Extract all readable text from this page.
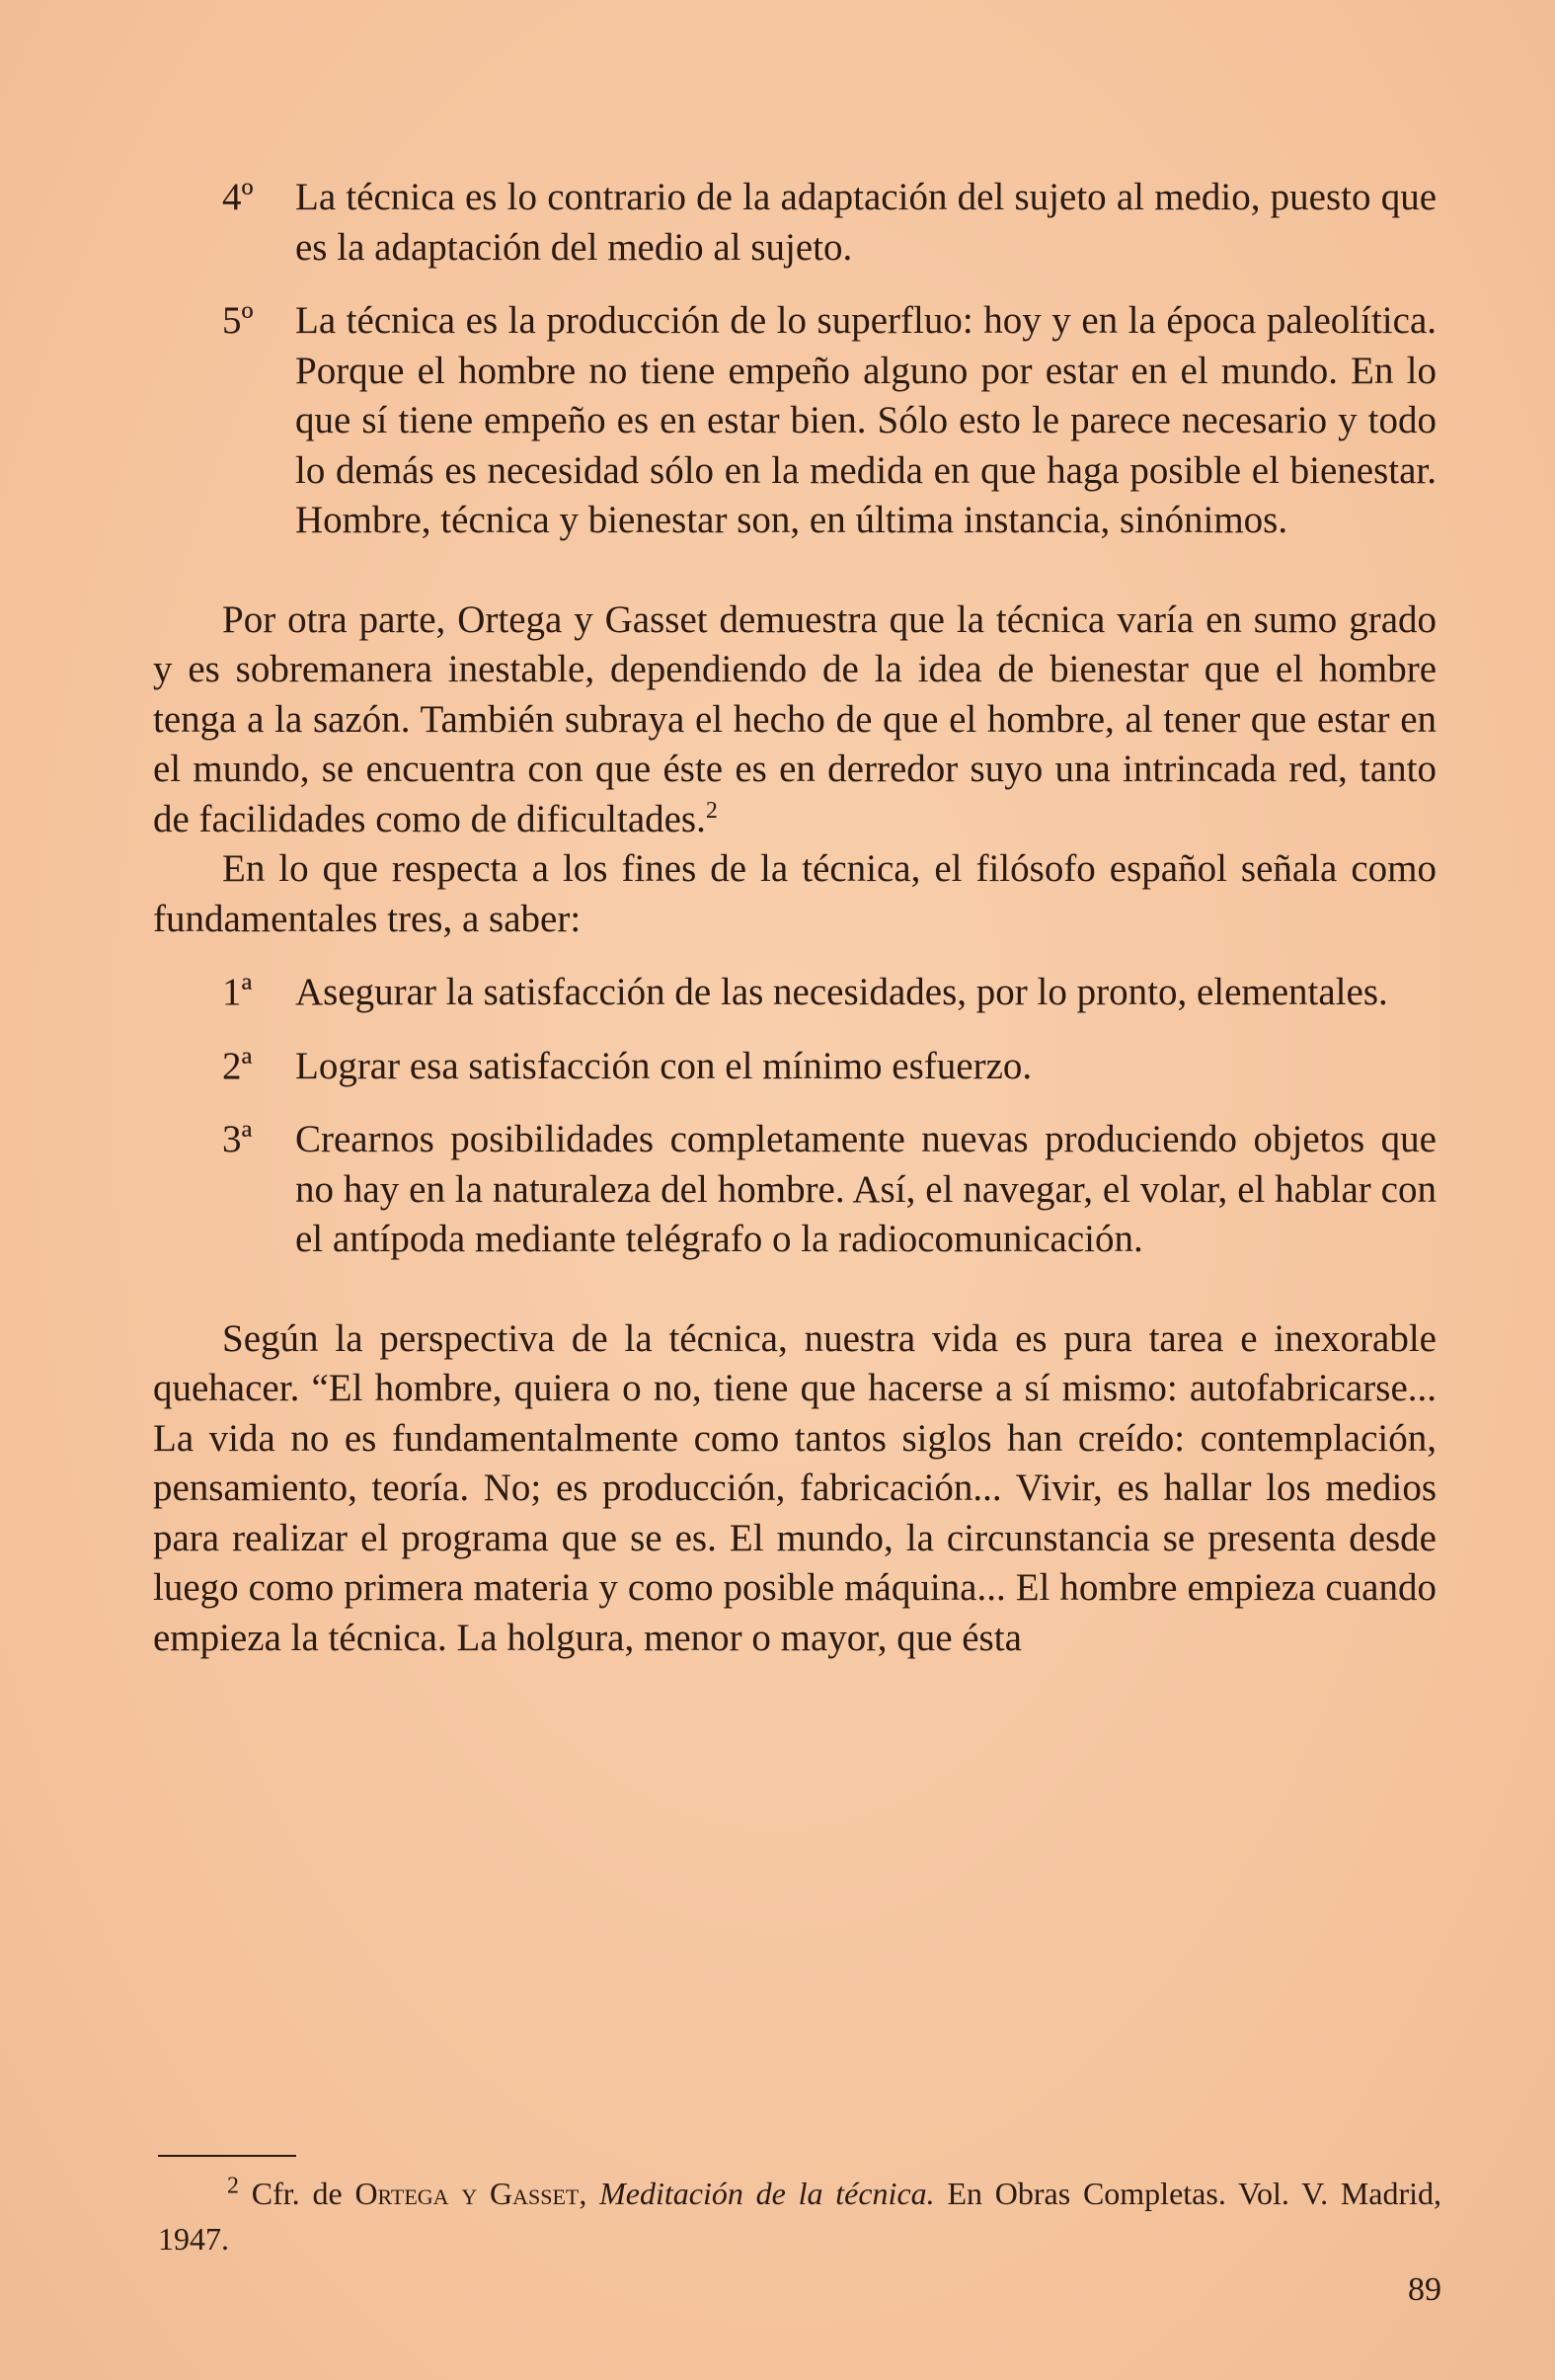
4º	La técnica es lo contrario de la adaptación del sujeto al medio, puesto que es la adaptación del medio al sujeto.
5º	La técnica es la producción de lo superfluo: hoy y en la época paleolítica. Porque el hombre no tiene empeño alguno por estar en el mundo. En lo que sí tiene empeño es en estar bien. Sólo esto le parece necesario y todo lo demás es necesidad sólo en la medida en que haga posible el bienestar. Hombre, técnica y bienestar son, en última instancia, sinónimos.

Por otra parte, Ortega y Gasset demuestra que la técnica varía en sumo grado y es sobremanera inestable, dependiendo de la idea de bienestar que el hombre tenga a la sazón. También subraya el hecho de que el hombre, al tener que estar en el mundo, se encuentra con que éste es en derredor suyo una intrincada red, tanto de facilidades como de dificultades.$^2$

En lo que respecta a los fines de la técnica, el filósofo español señala como fundamentales tres, a saber:

1ª	Asegurar la satisfacción de las necesidades, por lo pronto, elementales.
2ª	Lograr esa satisfacción con el mínimo esfuerzo.
3ª	Crearnos posibilidades completamente nuevas produciendo objetos que no hay en la naturaleza del hombre. Así, el navegar, el volar, el hablar con el antípoda mediante telégrafo o la radiocomunicación.

Según la perspectiva de la técnica, nuestra vida es pura tarea e inexorable quehacer. “El hombre, quiera o no, tiene que hacerse a sí mismo: autofabricarse... La vida no es fundamentalmente como tantos siglos han creído: contemplación, pensamiento, teoría. No; es producción, fabricación... Vivir, es hallar los medios para realizar el programa que se es. El mundo, la circunstancia se presenta desde luego como primera materia y como posible máquina... El hombre empieza cuando empieza la técnica. La holgura, menor o mayor, que ésta

$^2$ Cfr. de Ortega y Gasset, Meditación de la técnica. En Obras Completas. Vol. V. Madrid, 1947.
89
